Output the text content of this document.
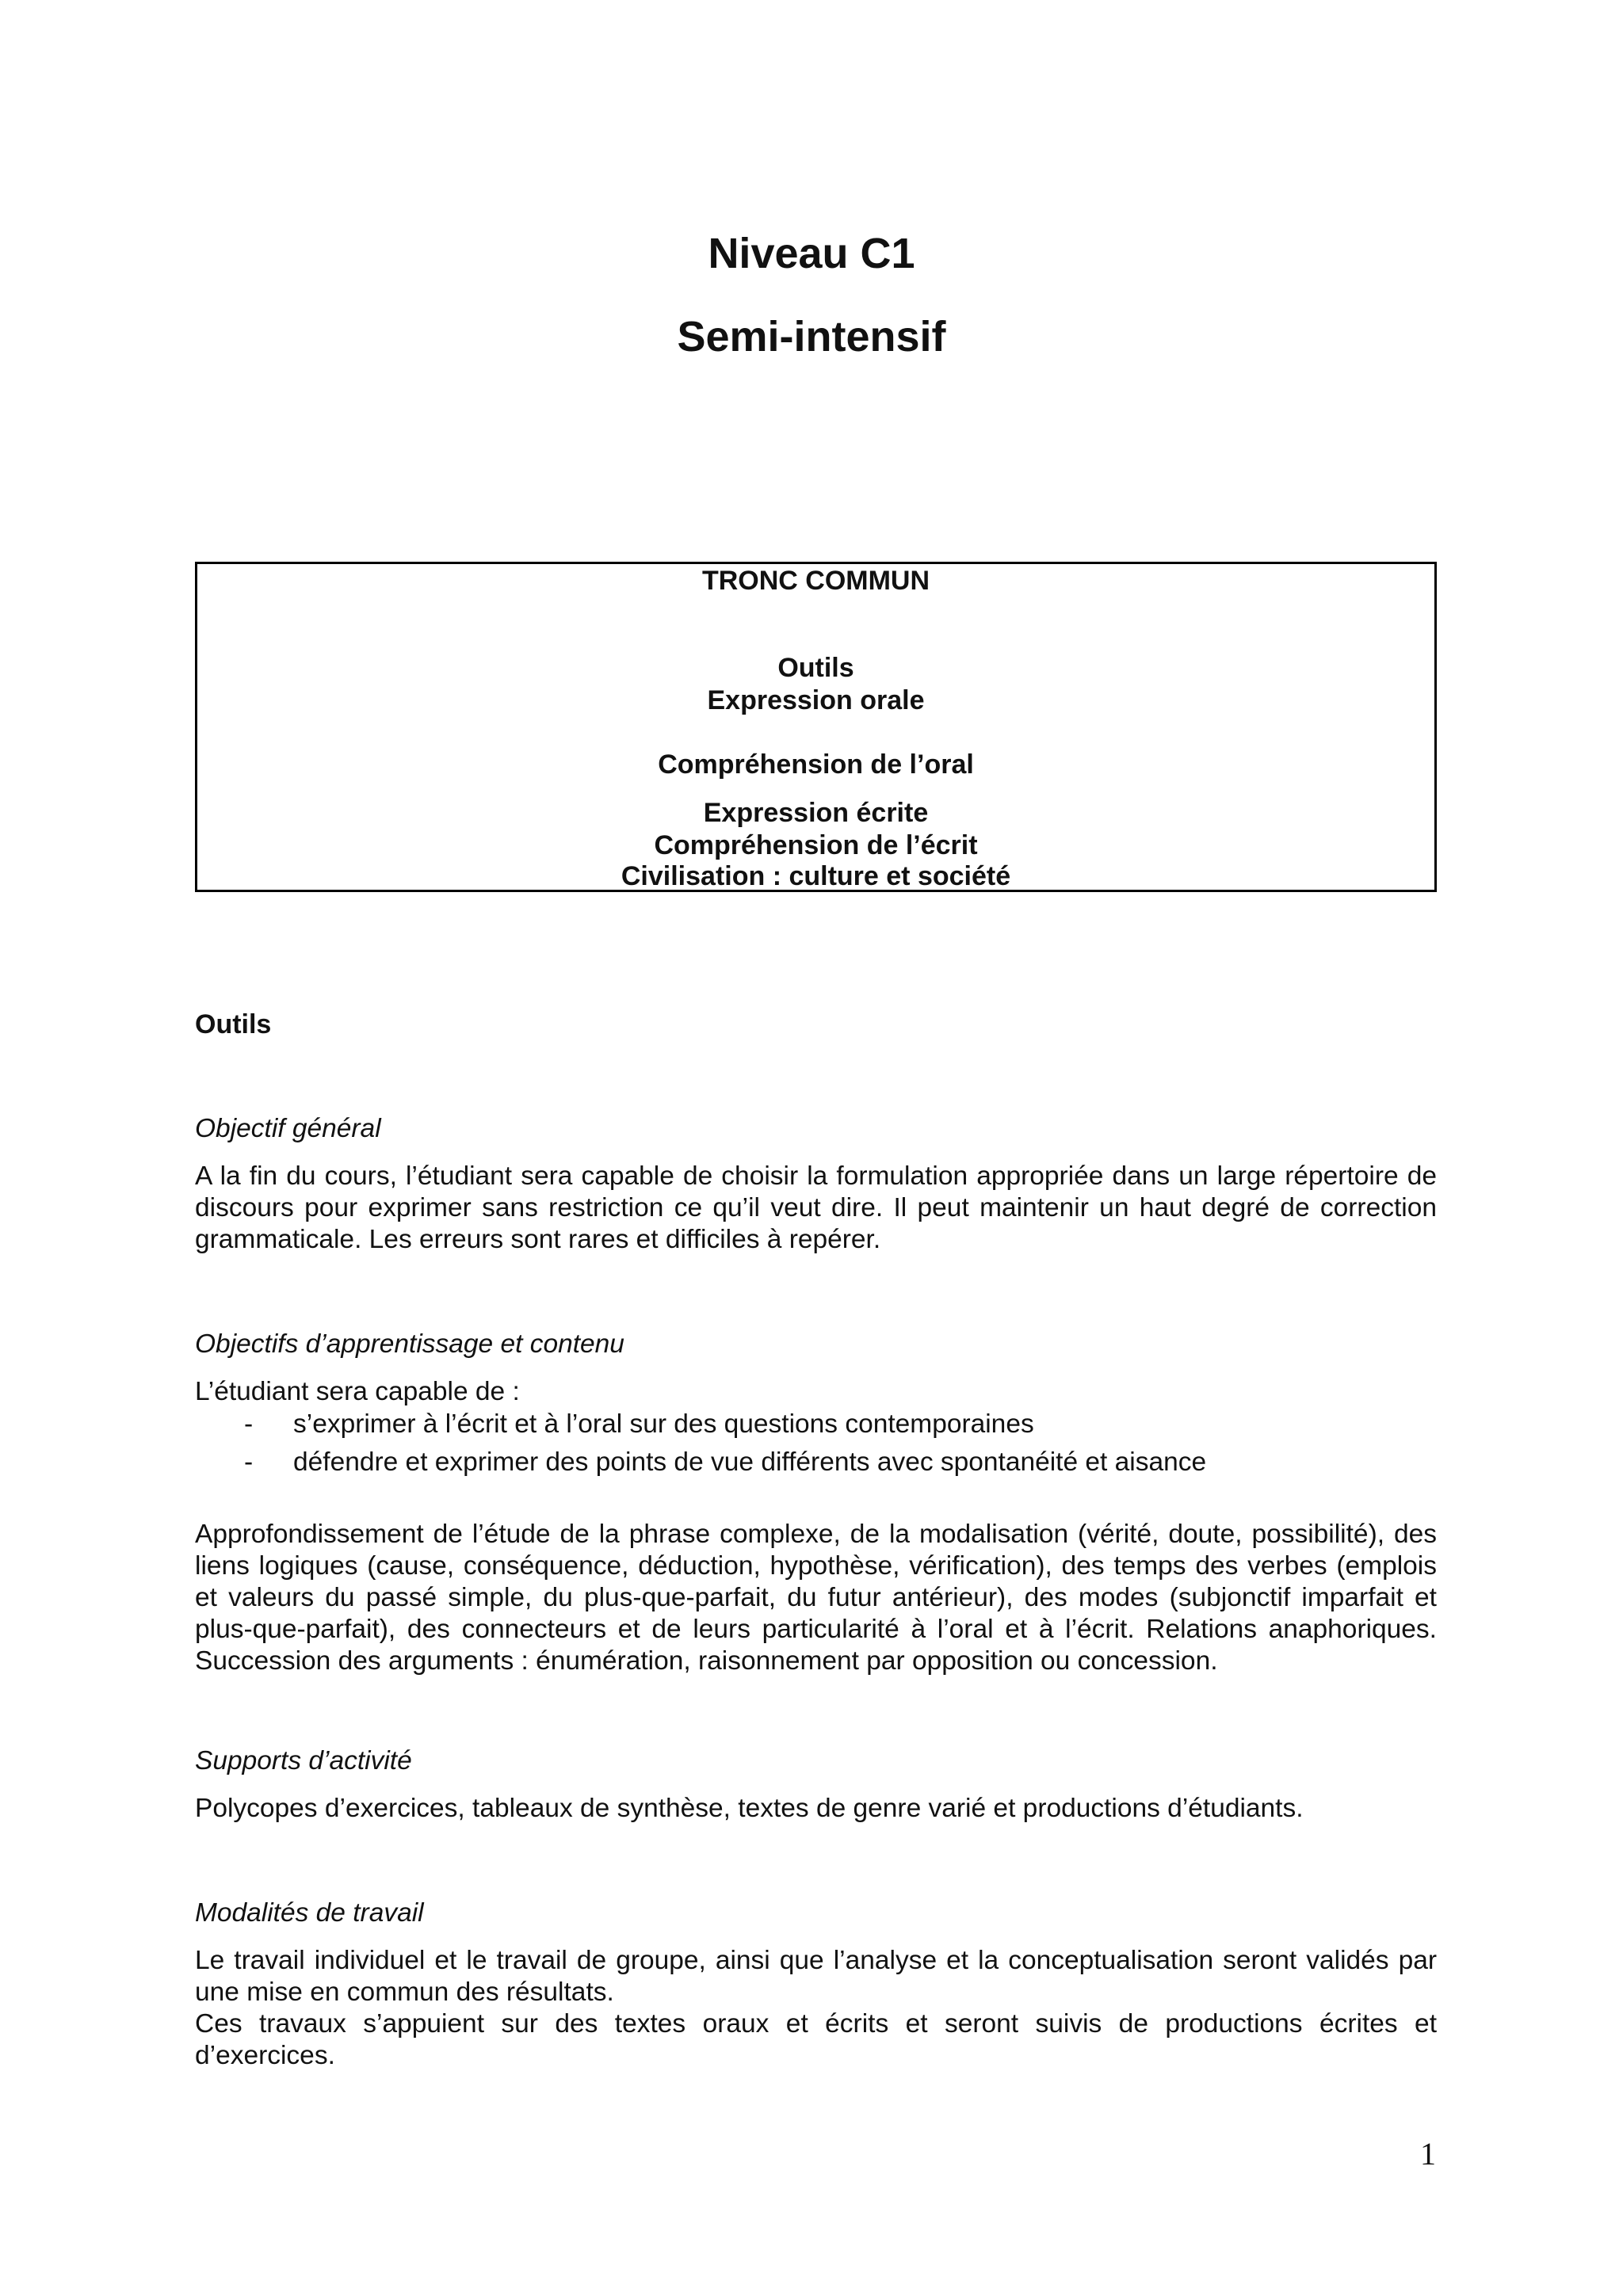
Niveau C1
Semi-intensif
TRONC COMMUN
Outils
Expression orale
Compréhension de l’oral
Expression écrite
Compréhension de l’écrit
Civilisation : culture et société
Outils
Objectif général

A la fin du cours, l’étudiant sera capable de choisir la formulation appropriée dans un large répertoire de discours pour exprimer sans restriction ce qu’il veut dire. Il peut maintenir un haut degré de correction grammaticale. Les erreurs sont rares et difficiles à repérer.

Objectifs d’apprentissage et contenu
L’étudiant sera capable de :
- s’exprimer à l’écrit et à l’oral sur des questions contemporaines
- défendre et exprimer des points de vue différents avec spontanéité et aisance

Approfondissement de l’étude de la phrase complexe, de la modalisation (vérité, doute, possibilité), des liens logiques (cause, conséquence, déduction, hypothèse, vérification), des temps des verbes (emplois et valeurs du passé simple, du plus-que-parfait, du futur antérieur), des modes (subjonctif imparfait et plus-que-parfait), des connecteurs et de leurs particularité à l’oral et à l’écrit. Relations anaphoriques. Succession des arguments : énumération, raisonnement par opposition ou concession.

Supports d’activité

Polycopes d’exercices, tableaux de synthèse, textes de genre varié et productions d’étudiants.

Modalités de travail

Le travail individuel et le travail de groupe, ainsi que l’analyse et la conceptualisation seront validés par une mise en commun des résultats.

Ces travaux s’appuient sur des textes oraux et écrits et seront suivis de productions écrites et d’exercices.

1
